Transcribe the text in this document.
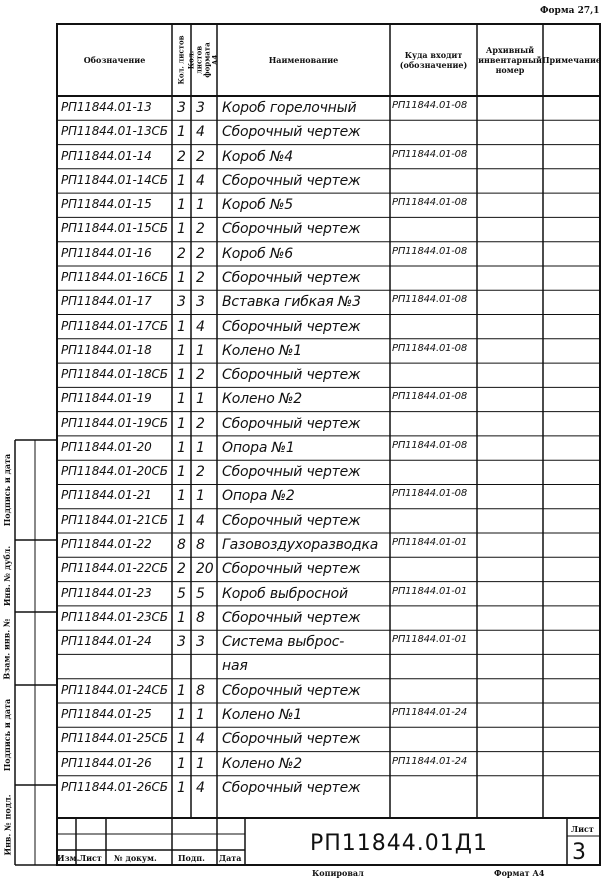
Форма 27,1
Обозначение	Кол. листов Кол. листов формата А4	Наименование	Куда входит (обозначение)
Архивный инвентарный номер
Примечание
РП11844.01-13 3 3 Короб горелочный	РП11844.01-08
РП11844.01-13СБ 1 4 Сборочный чертеж
РП11844.01-14 2 2 Короб №4	РП11844.01-08
РП11844.01-14СБ 1 4 Сборочный чертеж
РП11844.01-15 1 1 Короб №5	РП11844.01-08
РП11844.01-15СБ 1 2 Сборочный чертеж
РП11844.01-16 2 2 Короб №6	РП11844.01-08
РП11844.01-16СБ 1 2 Сборочный чертеж
РП11844.01-17 3 3 Вставка гибкая №3	РП11844.01-08
РП11844.01-17СБ 1 4 Сборочный чертеж
РП11844.01-18 1 1 Колено №1	РП11844.01-08
РП11844.01-18СБ 1 2 Сборочный чертеж
РП11844.01-19 1 1 Колено №2	РП11844.01-08
РП11844.01-19СБ 1 2 Сборочный чертеж
РП11844.01-20 1 1 Опора №1	РП11844.01-08
РП11844.01-20СБ 1 2 Сборочный чертеж
РП11844.01-21 1 1 Опора №2	РП11844.01-08
РП11844.01-21СБ 1 4 Сборочный чертеж
РП11844.01-22 8 8 Газовоздухоразводка РП11844.01-01
РП11844.01-22СБ 2 20 Сборочный чертеж
РП11844.01-23 5 5 Короб выбросной	РП11844.01-01
РП11844.01-23СБ 1 8 Сборочный чертеж
РП11844.01-24 3 3 Система выброс-	РП11844.01-01
ная
РП11844.01-24СБ 1 8 Сборочный чертеж
РП11844.01-25 1 1 Колено №1	РП11844.01-24
РП11844.01-25СБ 1 4 Сборочный чертеж
РП11844.01-26 1 1 Колено №2	РП11844.01-24
РП11844.01-26СБ 1 4 Сборочный чертеж
Подпись и дата
Инв. № дубл.
Взам. инв. №
Подпись и дата
Инв. № подл.
Изм. Лист № докум.	Подп. Дата
РП11844.01Д1
Лист
3
Копировал	Формат А4
